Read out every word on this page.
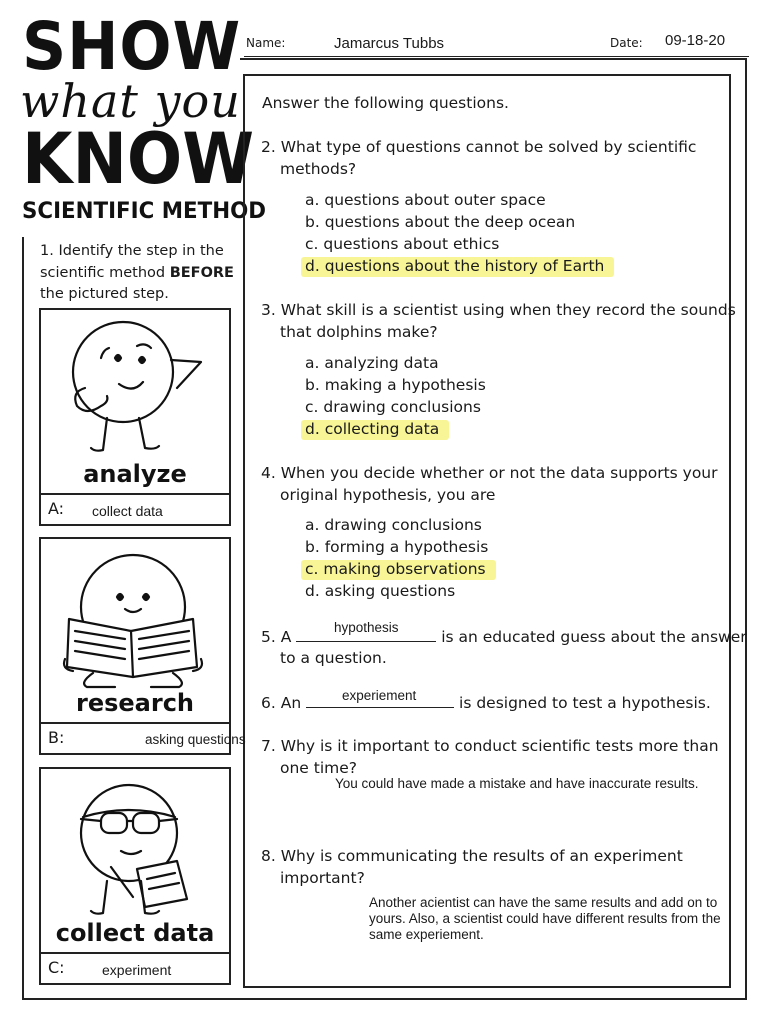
SHOW
what you
KNOW
SCIENTIFIC METHOD
Name:	Jamarcus Tubbs	Date: 09-18-20
1. Identify the step in the scientific method BEFORE the pictured step.
analyze
A: collect data
research
B:	asking questions
collect data
C:	experiment
Answer the following questions.
2. What type of questions cannot be solved by scientific
methods?
a. questions about outer space
b. questions about the deep ocean
c. questions about ethics
d. questions about the history of Earth
3. What skill is a scientist using when they record the sounds
that dolphins make?
a. analyzing data
b. making a hypothesis
c. drawing conclusions
d. collecting data
4. When you decide whether or not the data supports your
original hypothesis, you are
a. drawing conclusions
b. forming a hypothesis
c. making observations
d. asking questions
5. A	is an educated guess about the answer
hypothesis
to a question.
6. An	is designed to test a hypothesis.
experiement
7. Why is it important to conduct scientific tests more than
one time?
You could have made a mistake and have inaccurate results.
8. Why is communicating the results of an experiment
important?
Another acientist can have the same results and add on to yours. Also, a scientist could have different results from the same experiement.
